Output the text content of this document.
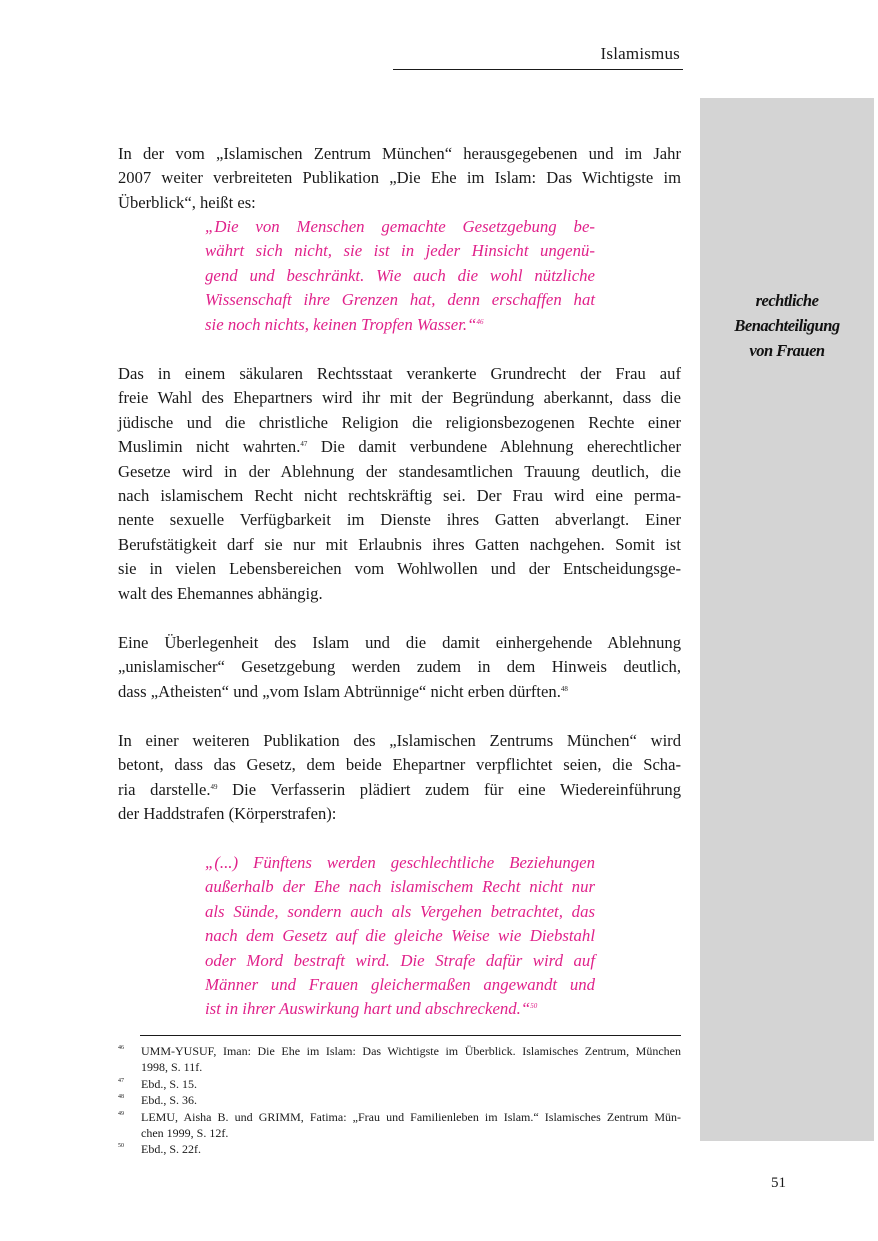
Islamismus
rechtliche
Benachteiligung
von Frauen
In der vom „Islamischen Zentrum München“ herausgegebenen und im Jahr
2007 weiter verbreiteten Publikation „Die Ehe im Islam: Das Wichtigste im
Überblick“, heißt es:
„Die von Menschen gemachte Gesetzgebung be-
währt sich nicht, sie ist in jeder Hinsicht ungenü-
gend und beschränkt. Wie auch die wohl nützliche
Wissenschaft ihre Grenzen hat, denn erschaffen hat
sie noch nichts, keinen Tropfen Wasser.“$^{46}$
Das in einem säkularen Rechtsstaat verankerte Grundrecht der Frau auf
freie Wahl des Ehepartners wird ihr mit der Begründung aberkannt, dass die
jüdische und die christliche Religion die religionsbezogenen Rechte einer
Muslimin nicht wahrten.$^{47}$ Die damit verbundene Ablehnung eherechtlicher
Gesetze wird in der Ablehnung der standesamtlichen Trauung deutlich, die
nach islamischem Recht nicht rechtskräftig sei. Der Frau wird eine perma-
nente sexuelle Verfügbarkeit im Dienste ihres Gatten abverlangt. Einer
Berufstätigkeit darf sie nur mit Erlaubnis ihres Gatten nachgehen. Somit ist
sie in vielen Lebensbereichen vom Wohlwollen und der Entscheidungsge-
walt des Ehemannes abhängig.
Eine Überlegenheit des Islam und die damit einhergehende Ablehnung
„unislamischer“ Gesetzgebung werden zudem in dem Hinweis deutlich,
dass „Atheisten“ und „vom Islam Abtrünnige“ nicht erben dürften.$^{48}$
In einer weiteren Publikation des „Islamischen Zentrums München“ wird
betont, dass das Gesetz, dem beide Ehepartner verpflichtet seien, die Scha-
ria darstelle.$^{49}$ Die Verfasserin plädiert zudem für eine Wiedereinführung
der Haddstrafen (Körperstrafen):
„(...) Fünftens werden geschlechtliche Beziehungen
außerhalb der Ehe nach islamischem Recht nicht nur
als Sünde, sondern auch als Vergehen betrachtet, das
nach dem Gesetz auf die gleiche Weise wie Diebstahl
oder Mord bestraft wird. Die Strafe dafür wird auf
Männer und Frauen gleichermaßen angewandt und
ist in ihrer Auswirkung hart und abschreckend.“$^{50}$
46 UMM-YUSUF, Iman: Die Ehe im Islam: Das Wichtigste im Überblick. Islamisches Zentrum, München
1998, S. 11f.
47 Ebd., S. 15.
48 Ebd., S. 36.
49 LEMU, Aisha B. und GRIMM, Fatima: „Frau und Familienleben im Islam.“ Islamisches Zentrum Mün-
chen 1999, S. 12f.
50 Ebd., S. 22f.
51
